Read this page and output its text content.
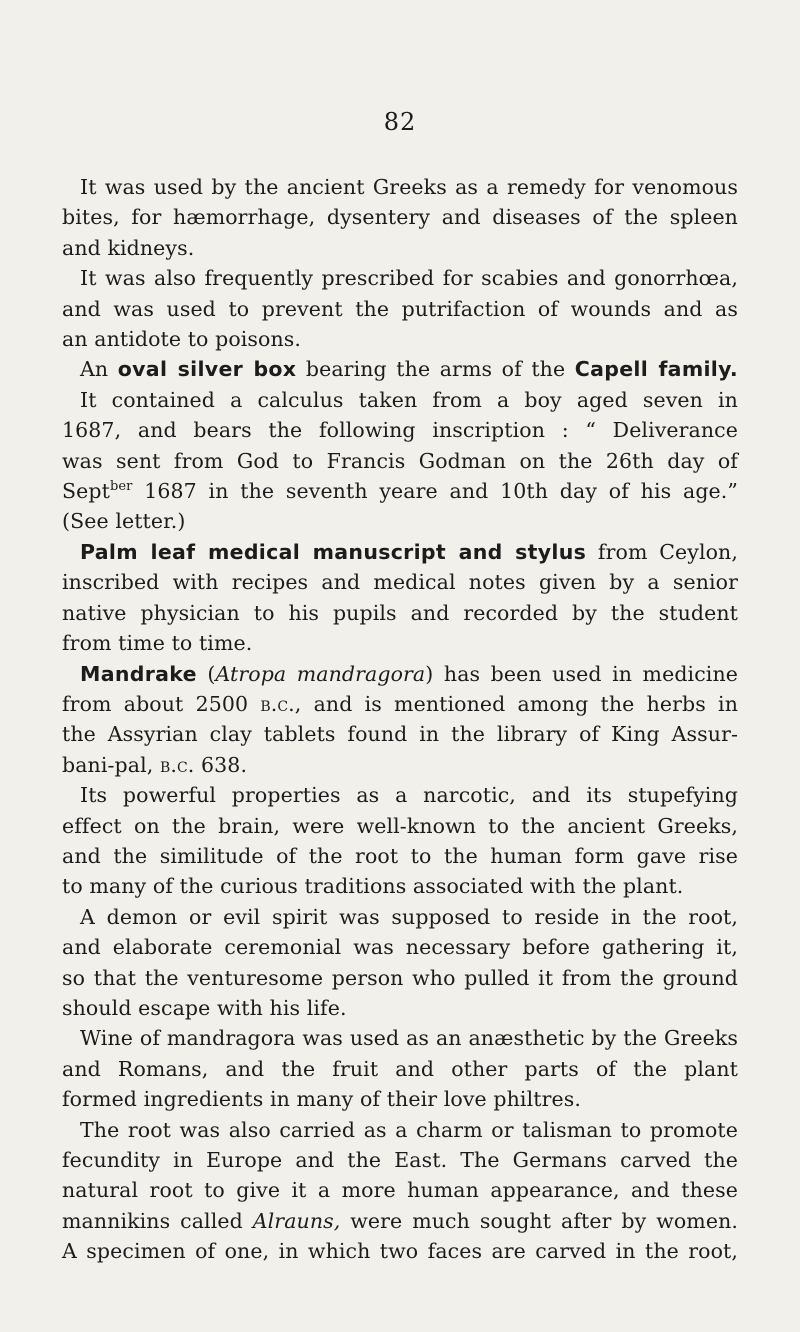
82
It was used by the ancient Greeks as a remedy for venomous
bites, for hæmorrhage, dysentery and diseases of the spleen
and kidneys.
It was also frequently prescribed for scabies and gonorrhœa,
and was used to prevent the putrifaction of wounds and as
an antidote to poisons.
An oval silver box bearing the arms of the Capell family.
It contained a calculus taken from a boy aged seven in
1687, and bears the following inscription : “ Deliverance
was sent from God to Francis Godman on the 26th day of
Sept$^{ber}$ 1687 in the seventh yeare and 10th day of his age.”
(See letter.)
Palm leaf medical manuscript and stylus from Ceylon,
inscribed with recipes and medical notes given by a senior
native physician to his pupils and recorded by the student
from time to time.
Mandrake (Atropa mandragora) has been used in medicine
from about 2500 b.c., and is mentioned among the herbs in
the Assyrian clay tablets found in the library of King Assur-
bani-pal, b.c. 638.
Its powerful properties as a narcotic, and its stupefying
effect on the brain, were well-known to the ancient Greeks,
and the similitude of the root to the human form gave rise
to many of the curious traditions associated with the plant.
A demon or evil spirit was supposed to reside in the root,
and elaborate ceremonial was necessary before gathering it,
so that the venturesome person who pulled it from the ground
should escape with his life.
Wine of mandragora was used as an anæsthetic by the Greeks
and Romans, and the fruit and other parts of the plant
formed ingredients in many of their love philtres.
The root was also carried as a charm or talisman to promote
fecundity in Europe and the East. The Germans carved the
natural root to give it a more human appearance, and these
mannikins called Alrauns, were much sought after by women.
A specimen of one, in which two faces are carved in the root,
